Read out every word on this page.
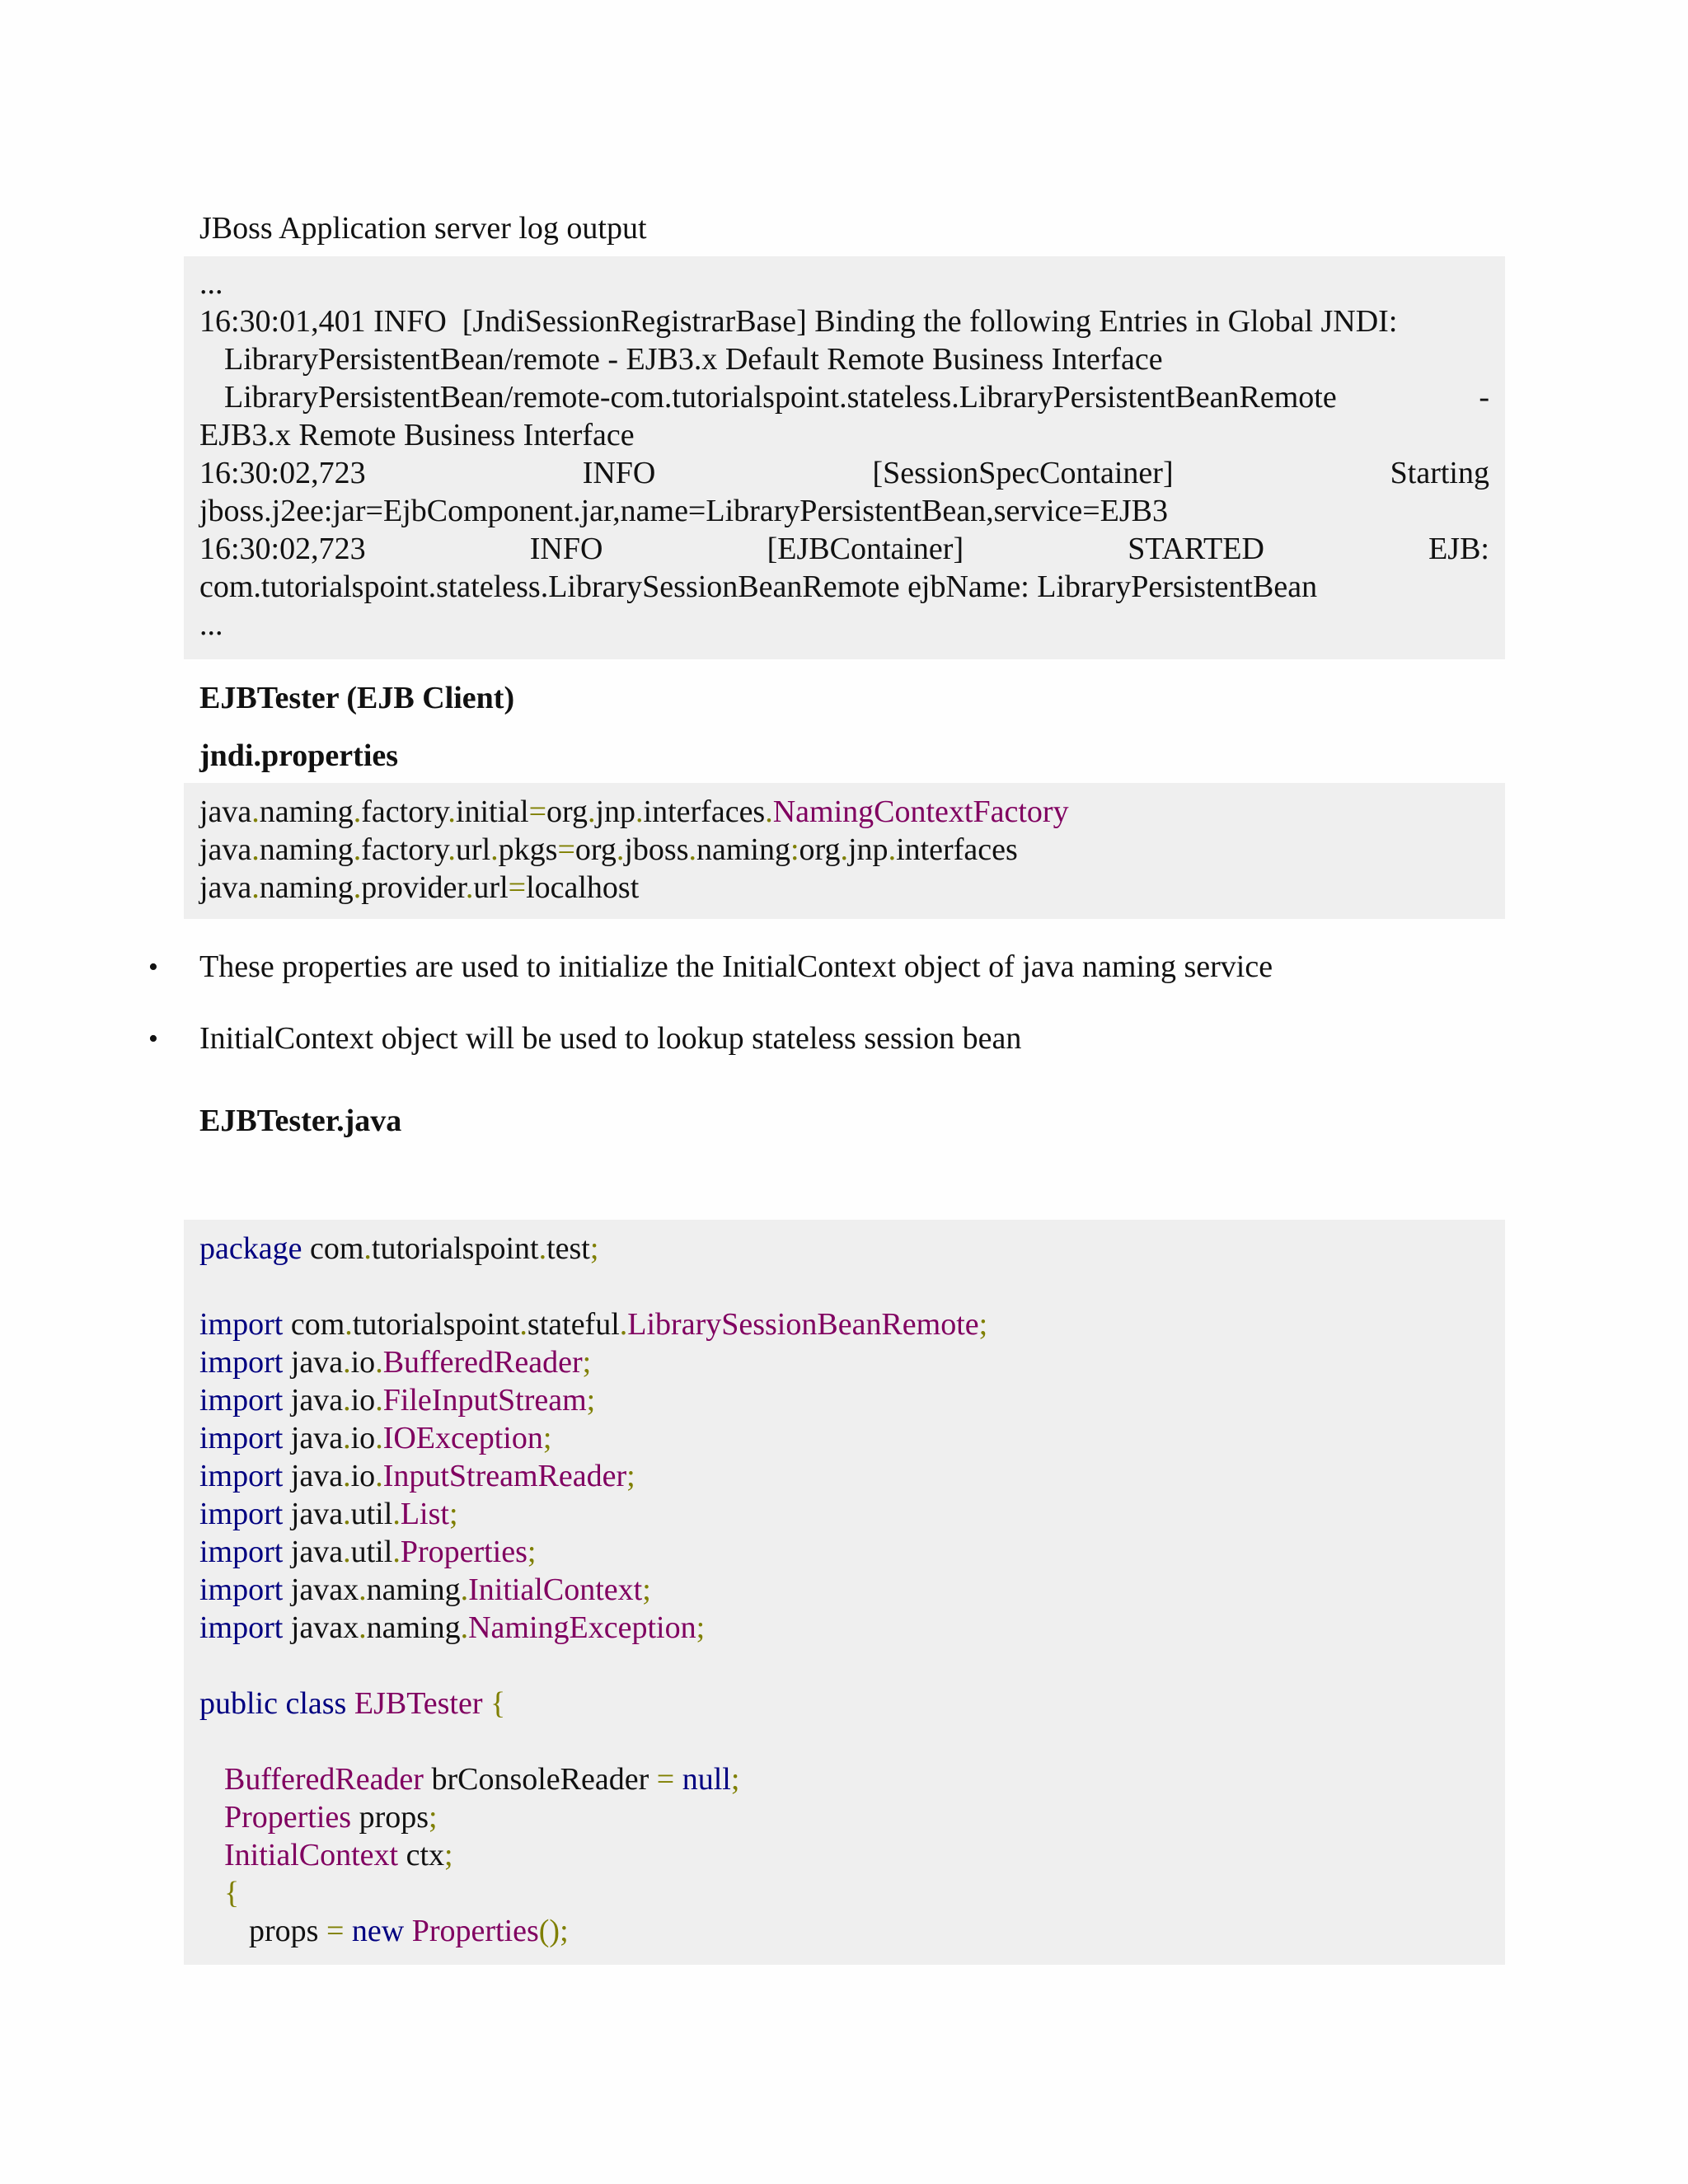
JBoss Application server log output
...
16:30:01,401 INFO  [JndiSessionRegistrarBase] Binding the following Entries in Global JNDI:
LibraryPersistentBean/remote - EJB3.x Default Remote Business Interface
LibraryPersistentBean/remote-com.tutorialspoint.stateless.LibraryPersistentBeanRemote	-
EJB3.x Remote Business Interface
16:30:02,723	INFO	[SessionSpecContainer]	Starting
jboss.j2ee:jar=EjbComponent.jar,name=LibraryPersistentBean,service=EJB3
16:30:02,723	INFO	[EJBContainer]	STARTED	EJB:
com.tutorialspoint.stateless.LibrarySessionBeanRemote ejbName: LibraryPersistentBean
...
EJBTester (EJB Client)
jndi.properties
java.naming.factory.initial=org.jnp.interfaces.NamingContextFactory
java.naming.factory.url.pkgs=org.jboss.naming:org.jnp.interfaces
java.naming.provider.url=localhost
• These properties are used to initialize the InitialContext object of java naming service
• InitialContext object will be used to lookup stateless session bean
EJBTester.java
package com.tutorialspoint.test;
import com.tutorialspoint.stateful.LibrarySessionBeanRemote;
import java.io.BufferedReader;
import java.io.FileInputStream;
import java.io.IOException;
import java.io.InputStreamReader;
import java.util.List;
import java.util.Properties;
import javax.naming.InitialContext;
import javax.naming.NamingException;
public class EJBTester {
BufferedReader brConsoleReader = null;
Properties props;
InitialContext ctx;
{
props = new Properties();
